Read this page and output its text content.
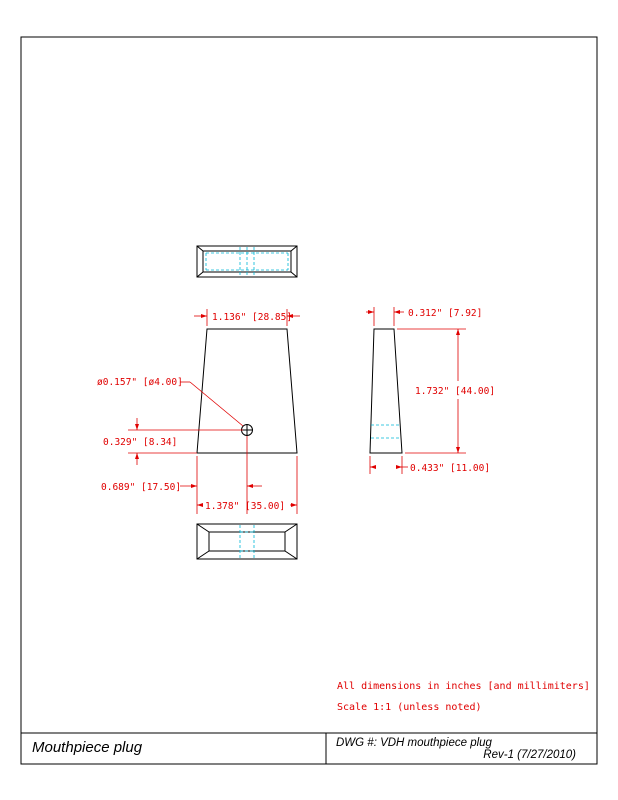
1.136" [28.85]
ø0.157" [ø4.00]
0.329" [8.34]
0.689" [17.50]
1.378" [35.00]
0.312" [7.92]
1.732" [44.00]
0.433" [11.00]
All dimensions in inches [and millimiters]
Scale 1:1 (unless noted)
Mouthpiece plug	DWG #: VDH mouthpiece plug
Rev-1 (7/27/2010)
